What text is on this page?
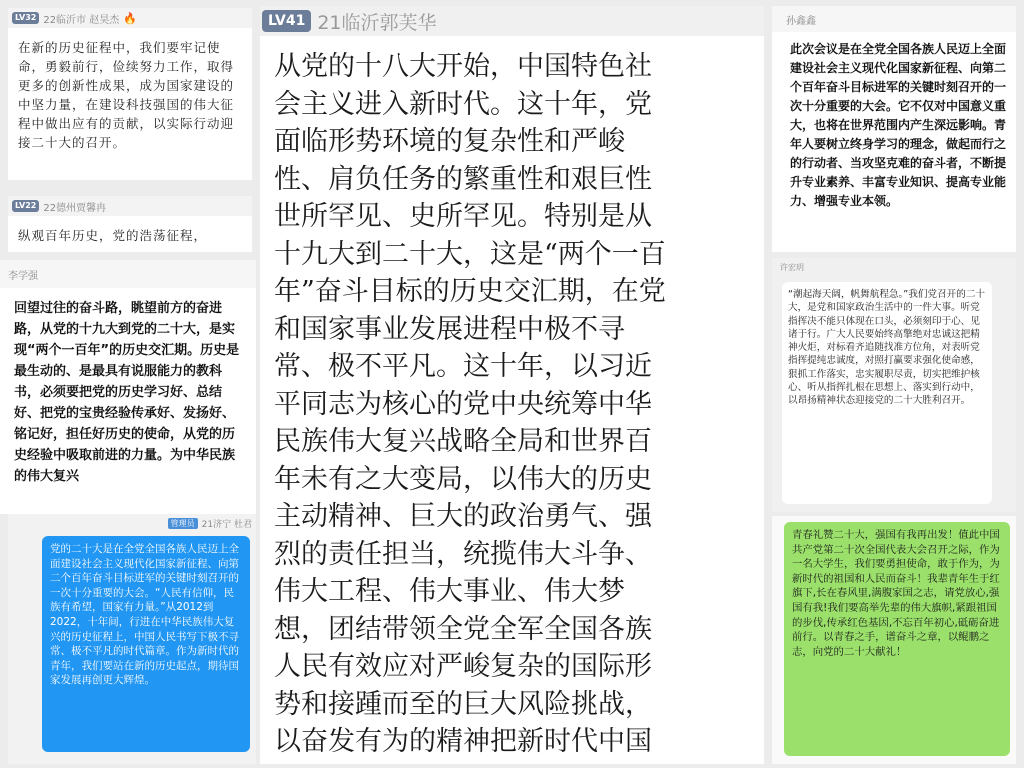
LV32 22临沂市 赵昊杰 🔥
在新的历史征程中，我们要牢记使命，勇毅前行，俭续努力工作，取得更多的创新性成果，成为国家建设的中坚力量，在建设科技强国的伟大征程中做出应有的贡献，以实际行动迎接二十大的召开。
LV22 22德州贾馨冉
纵观百年历史，党的浩荡征程，
李学强
回望过往的奋斗路，眺望前方的奋进路，从党的十九大到党的二十大，是实现“两个一百年”的历史交汇期。历史是最生动的、是最具有说服能力的教科书，必须要把党的历史学习好、总结好、把党的宝贵经验传承好、发扬好、铭记好，担任好历史的使命，从党的历史经验中吸取前进的力量。为中华民族的伟大复兴
管理员 21济宁 杜君
党的二十大是在全党全国各族人民迈上全面建设社会主义现代化国家新征程、向第二个百年奋斗目标进军的关键时刻召开的一次十分重要的大会。“人民有信仰，民族有希望，国家有力量。”从2012到2022，十年间，行进在中华民族伟大复兴的历史征程上，中国人民书写下极不寻常、极不平凡的时代篇章。作为新时代的青年，我们要站在新的历史起点，期待国家发展再创更大辉煌。
LV41 21临沂郭芙华
从党的十八大开始，中国特色社
会主义进入新时代。这十年，党
面临形势环境的复杂性和严峻
性、肩负任务的繁重性和艰巨性
世所罕见、史所罕见。特别是从
十九大到二十大，这是“两个一百
年”奋斗目标的历史交汇期，在党
和国家事业发展进程中极不寻
常、极不平凡。这十年，以习近
平同志为核心的党中央统筹中华
民族伟大复兴战略全局和世界百
年未有之大变局，以伟大的历史
主动精神、巨大的政治勇气、强
烈的责任担当，统揽伟大斗争、
伟大工程、伟大事业、伟大梦
想，团结带领全党全军全国各族
人民有效应对严峻复杂的国际形
势和接踵而至的巨大风险挑战，
以奋发有为的精神把新时代中国
孙鑫鑫
此次会议是在全党全国各族人民迈上全面建设社会主义现代化国家新征程、向第二个百年奋斗目标进军的关键时刻召开的一次十分重要的大会。它不仅对中国意义重大，也将在世界范围内产生深远影响。青年人要树立终身学习的理念，做起而行之的行动者、当攻坚克难的奋斗者，不断提升专业素养、丰富专业知识、提高专业能力、增强专业本领。
许宏玥
“潮起海天阔，帆舞航程急。”我们党召开的二十大，是党和国家政治生活中的一件大事。听党指挥决不能只体现在口头，必须刻印于心、见诸于行。广大人民要始终高擎绝对忠诚这把精神火炬，对标看齐追随找准方位角，对表听党指挥提纯忠诚度，对照打赢要求强化使命感，狠抓工作落实，忠实履职尽责，切实把维护核心、听从指挥扎根在思想上、落实到行动中，以昂扬精神状态迎接党的二十大胜利召开。
青春礼赞二十大，强国有我再出发！值此中国共产党第二十次全国代表大会召开之际，作为一名大学生，我们要勇担使命，敢于作为，为新时代的祖国和人民而奋斗！我辈青年生于红旗下,长在春风里,满腹家国之志，请党放心,强国有我!我们要高举先辈的伟大旗帜,紧跟祖国的步伐,传承红色基因,不忘百年初心,砥砺奋进前行。以青春之手，谱奋斗之章，以鲲鹏之志，向党的二十大献礼！
